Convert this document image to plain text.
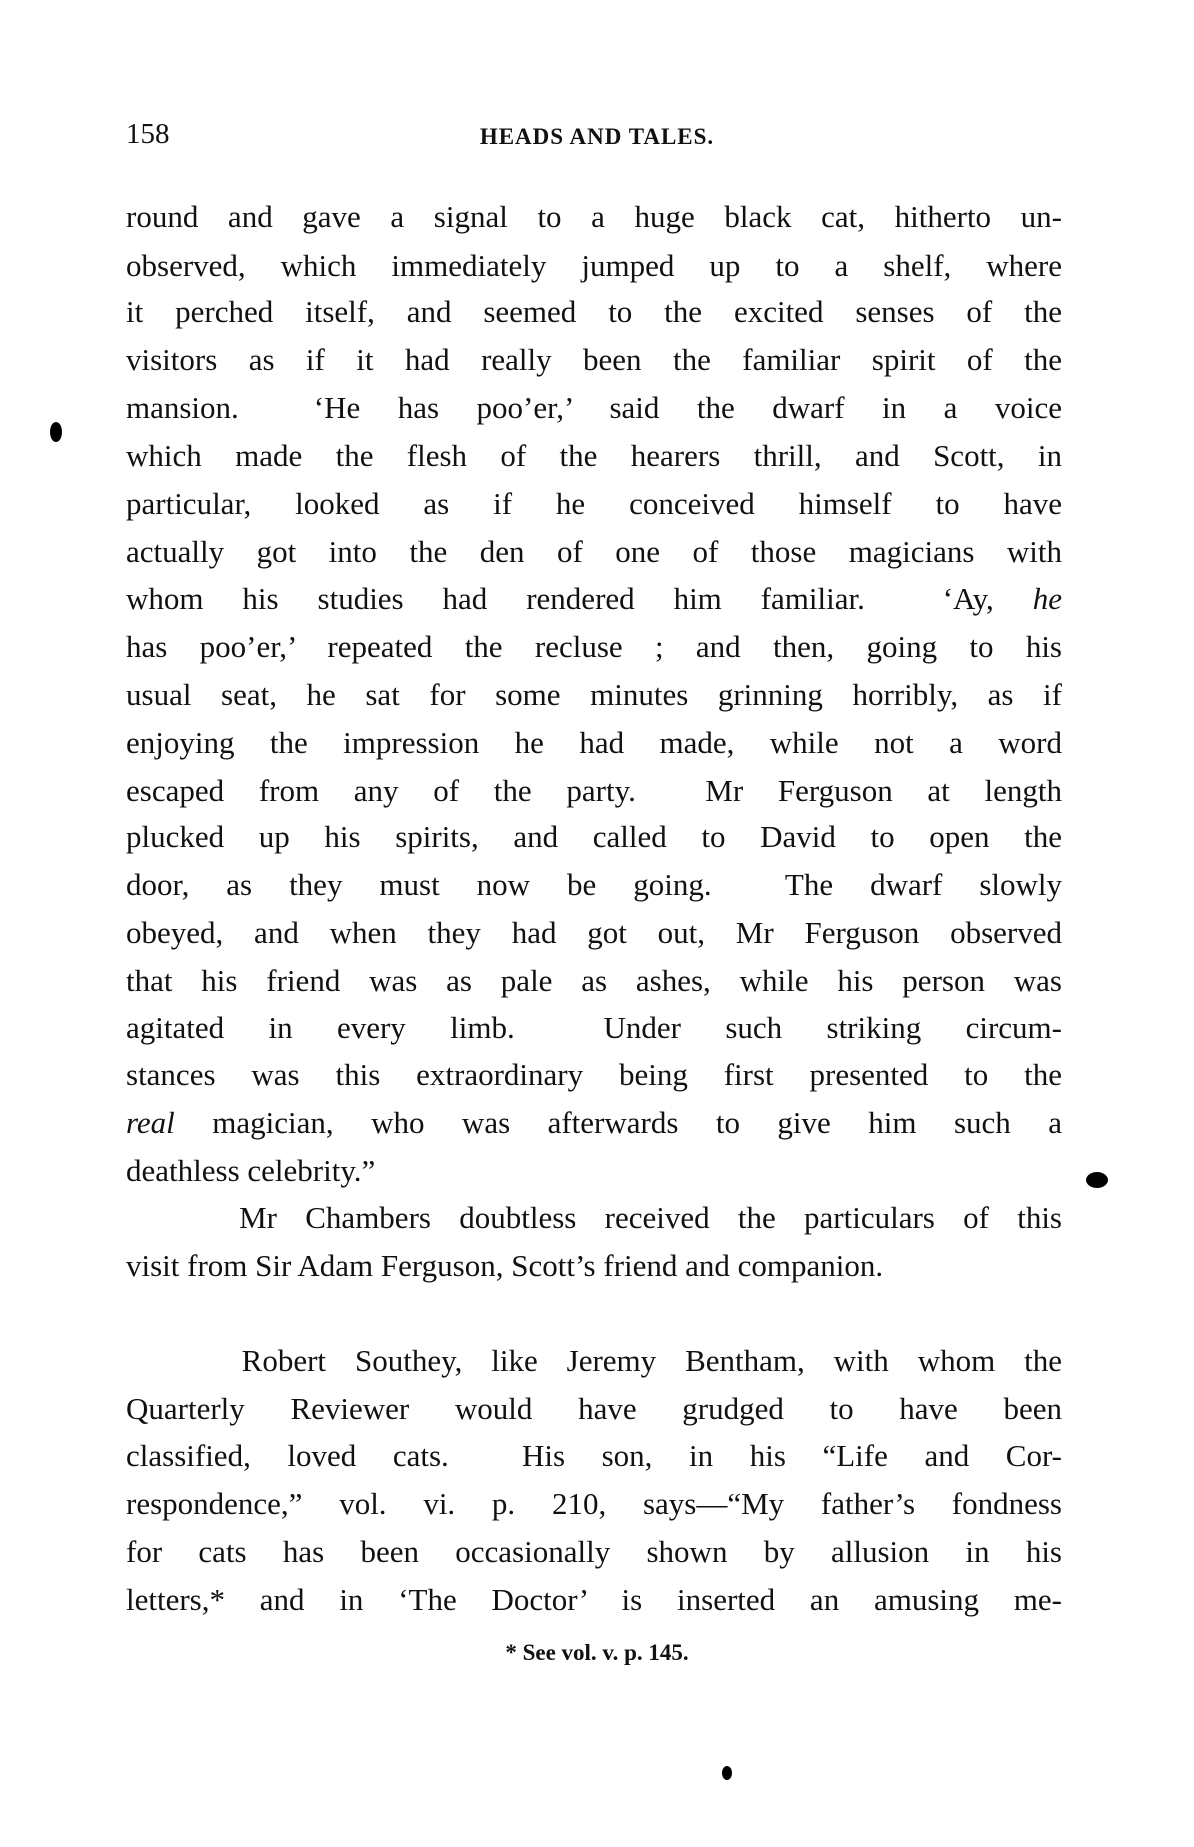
158	HEADS AND TALES.
round and gave a signal to a huge black cat, hitherto un-
observed, which immediately jumped up to a shelf, where
it perched itself, and seemed to the excited senses of the
visitors as if it had really been the familiar spirit of the
mansion.  ‘He has poo’er,’ said the dwarf in a voice
which made the flesh of the hearers thrill, and Scott, in
particular, looked as if he conceived himself to have
actually got into the den of one of those magicians with
whom his studies had rendered him familiar.  ‘Ay, he
has poo’er,’ repeated the recluse ; and then, going to his
usual seat, he sat for some minutes grinning horribly, as if
enjoying the impression he had made, while not a word
escaped from any of the party.  Mr Ferguson at length
plucked up his spirits, and called to David to open the
door, as they must now be going.  The dwarf slowly
obeyed, and when they had got out, Mr Ferguson observed
that his friend was as pale as ashes, while his person was
agitated in every limb.  Under such striking circum-
stances was this extraordinary being first presented to the
real magician, who was afterwards to give him such a
deathless celebrity.”
Mr Chambers doubtless received the particulars of this
visit from Sir Adam Ferguson, Scott’s friend and companion.
Robert Southey, like Jeremy Bentham, with whom the
Quarterly Reviewer would have grudged to have been
classified, loved cats.  His son, in his “Life and Cor-
respondence,” vol. vi. p. 210, says—“My father’s fondness
for cats has been occasionally shown by allusion in his
letters,* and in ‘The Doctor’ is inserted an amusing me-
* See vol. v. p. 145.
